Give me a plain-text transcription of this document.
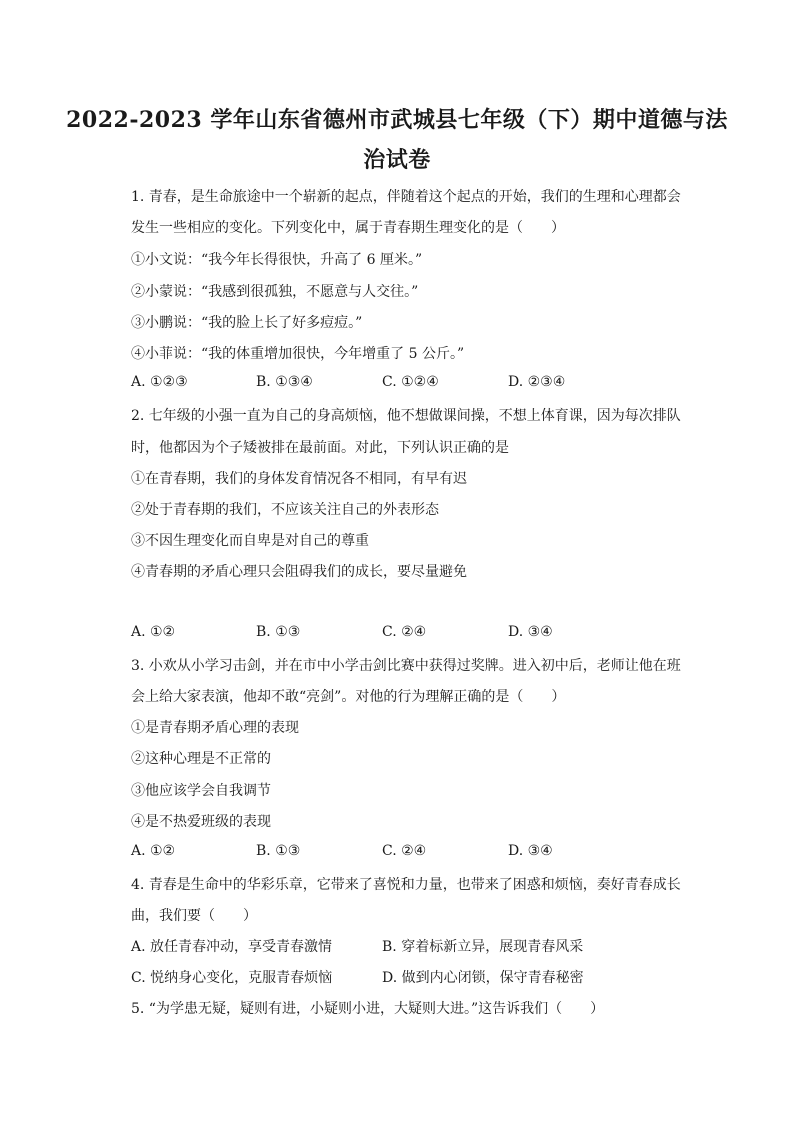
2022-2023 学年山东省德州市武城县七年级（下）期中道德与法
治试卷
1. 青春，是生命旅途中一个崭新的起点，伴随着这个起点的开始，我们的生理和心理都会
发生一些相应的变化。下列变化中，属于青春期生理变化的是（　　）
①小文说：“我今年长得很快，升高了 6 厘米。”
②小蒙说：“我感到很孤独，不愿意与人交往。”
③小鹏说：“我的脸上长了好多痘痘。”
④小菲说：“我的体重增加很快，今年增重了 5 公斤。”
A. ①②③	B. ①③④	C. ①②④	D. ②③④
2. 七年级的小强一直为自己的身高烦恼，他不想做课间操，不想上体育课，因为每次排队
时，他都因为个子矮被排在最前面。对此，下列认识正确的是
①在青春期，我们的身体发育情况各不相同，有早有迟
②处于青春期的我们，不应该关注自己的外表形态
③不因生理变化而自卑是对自己的尊重
④青春期的矛盾心理只会阻碍我们的成长，要尽量避免
A. ①②	B. ①③	C. ②④	D. ③④
3. 小欢从小学习击剑，并在市中小学击剑比赛中获得过奖牌。进入初中后，老师让他在班
会上给大家表演，他却不敢“亮剑”。对他的行为理解正确的是（　　）
①是青春期矛盾心理的表现
②这种心理是不正常的
③他应该学会自我调节
④是不热爱班级的表现
A. ①②	B. ①③	C. ②④	D. ③④
4. 青春是生命中的华彩乐章，它带来了喜悦和力量，也带来了困惑和烦恼，奏好青春成长
曲，我们要（　　）
A. 放任青春冲动，享受青春激情	B. 穿着标新立异，展现青春风采
C. 悦纳身心变化，克服青春烦恼	D. 做到内心闭锁，保守青春秘密
5. “为学患无疑，疑则有进，小疑则小进，大疑则大进。”这告诉我们（　　）
